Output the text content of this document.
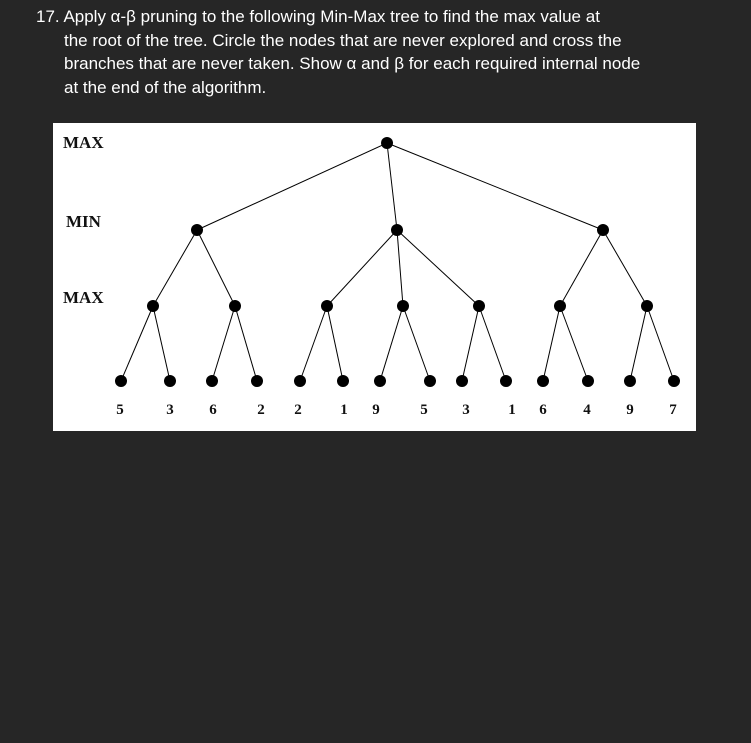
17. Apply α-β pruning to the following Min-Max tree to find the max value at
the root of the tree. Circle the nodes that are never explored and cross the
branches that are never taken. Show α and β for each required internal node
at the end of the algorithm.
MAX
MIN
MAX
5	3 6	2 2	1 9	5 3	1 6 4 9 7
